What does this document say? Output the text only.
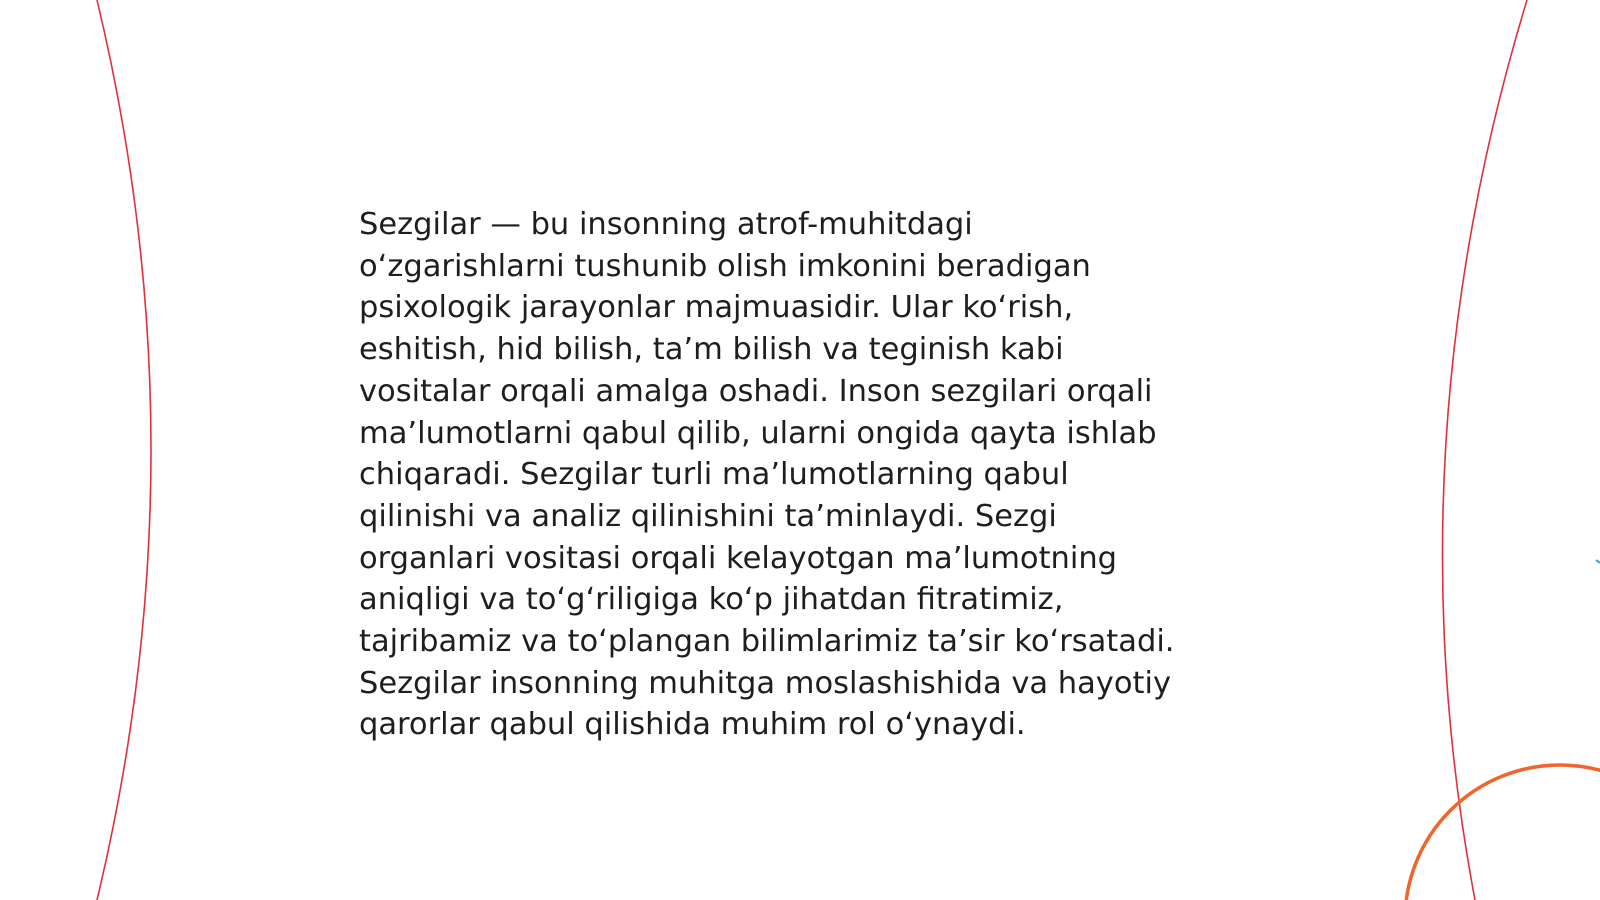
Sezgilar — bu insonning atrof-muhitdagi
o‘zgarishlarni tushunib olish imkonini beradigan
psixologik jarayonlar majmuasidir. Ular ko‘rish,
eshitish, hid bilish, ta’m bilish va teginish kabi
vositalar orqali amalga oshadi. Inson sezgilari orqali
ma’lumotlarni qabul qilib, ularni ongida qayta ishlab
chiqaradi. Sezgilar turli ma’lumotlarning qabul
qilinishi va analiz qilinishini ta’minlaydi. Sezgi
organlari vositasi orqali kelayotgan ma’lumotning
aniqligi va to‘g‘riligiga ko‘p jihatdan fitratimiz,
tajribamiz va to‘plangan bilimlarimiz ta’sir ko‘rsatadi.
Sezgilar insonning muhitga moslashishida va hayotiy
qarorlar qabul qilishida muhim rol o‘ynaydi.
